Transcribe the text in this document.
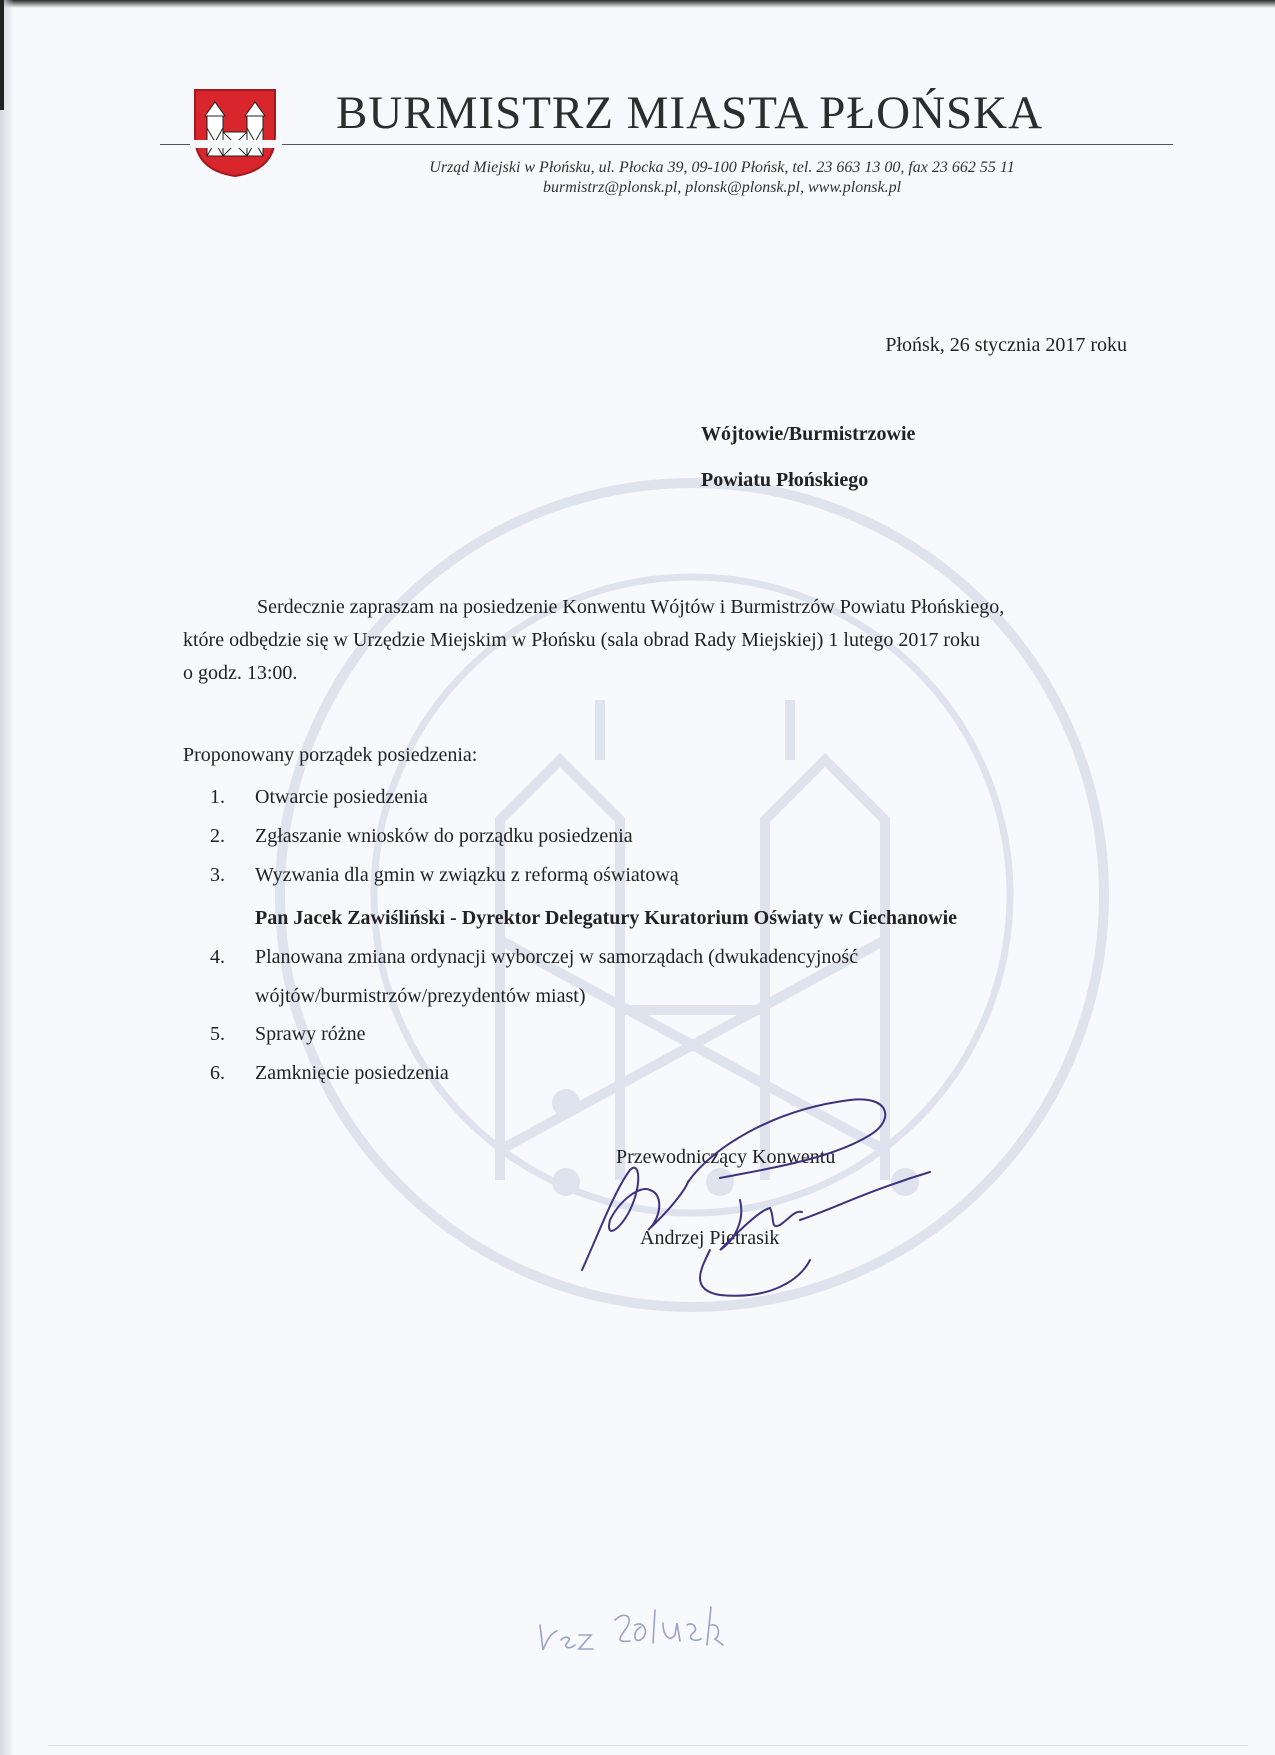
BURMISTRZ MIASTA PŁOŃSKA
Urząd Miejski w Płońsku, ul. Płocka 39, 09-100 Płońsk, tel. 23 663 13 00, fax 23 662 55 11
burmistrz@plonsk.pl, plonsk@plonsk.pl, www.plonsk.pl
Płońsk, 26 stycznia 2017 roku
Wójtowie/Burmistrzowie
Powiatu Płońskiego
Serdecznie zapraszam na posiedzenie Konwentu Wójtów i Burmistrzów Powiatu Płońskiego,
które odbędzie się w Urzędzie Miejskim w Płońsku (sala obrad Rady Miejskiej) 1 lutego 2017 roku
o godz. 13:00.
Proponowany porządek posiedzenia:
1. Otwarcie posiedzenia
2. Zgłaszanie wniosków do porządku posiedzenia
3. Wyzwania dla gmin w związku z reformą oświatową
Pan Jacek Zawiśliński - Dyrektor Delegatury Kuratorium Oświaty w Ciechanowie
4. Planowana zmiana ordynacji wyborczej w samorządach (dwukadencyjność
wójtów/burmistrzów/prezydentów miast)
5. Sprawy różne
6. Zamknięcie posiedzenia
Przewodniczący Konwentu
Andrzej Pietrasik
